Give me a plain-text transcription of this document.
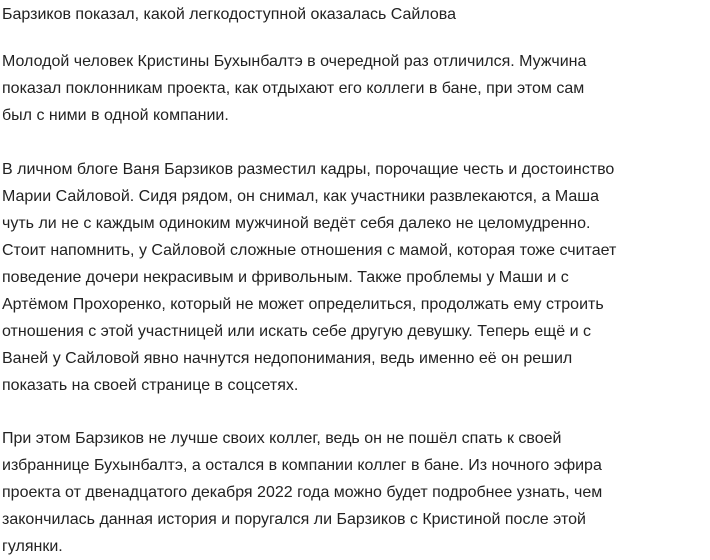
Барзиков показал, какой легкодоступной оказалась Сайлова

Молодой человек Кристины Бухынбалтэ в очередной раз отличился. Мужчина
показал поклонникам проекта, как отдыхают его коллеги в бане, при этом сам
был с ними в одной компании.

В личном блоге Ваня Барзиков разместил кадры, порочащие честь и достоинство
Марии Сайловой. Сидя рядом, он снимал, как участники развлекаются, а Маша
чуть ли не с каждым одиноким мужчиной ведёт себя далеко не целомудренно.
Стоит напомнить, у Сайловой сложные отношения с мамой, которая тоже считает
поведение дочери некрасивым и фривольным. Также проблемы у Маши и с
Артёмом Прохоренко, который не может определиться, продолжать ему строить
отношения с этой участницей или искать себе другую девушку. Теперь ещё и с
Ваней у Сайловой явно начнутся недопонимания, ведь именно её он решил
показать на своей странице в соцсетях.

При этом Барзиков не лучше своих коллег, ведь он не пошёл спать к своей
избраннице Бухынбалтэ, а остался в компании коллег в бане. Из ночного эфира
проекта от двенадцатого декабря 2022 года можно будет подробнее узнать, чем
закончилась данная история и поругался ли Барзиков с Кристиной после этой
гулянки.
